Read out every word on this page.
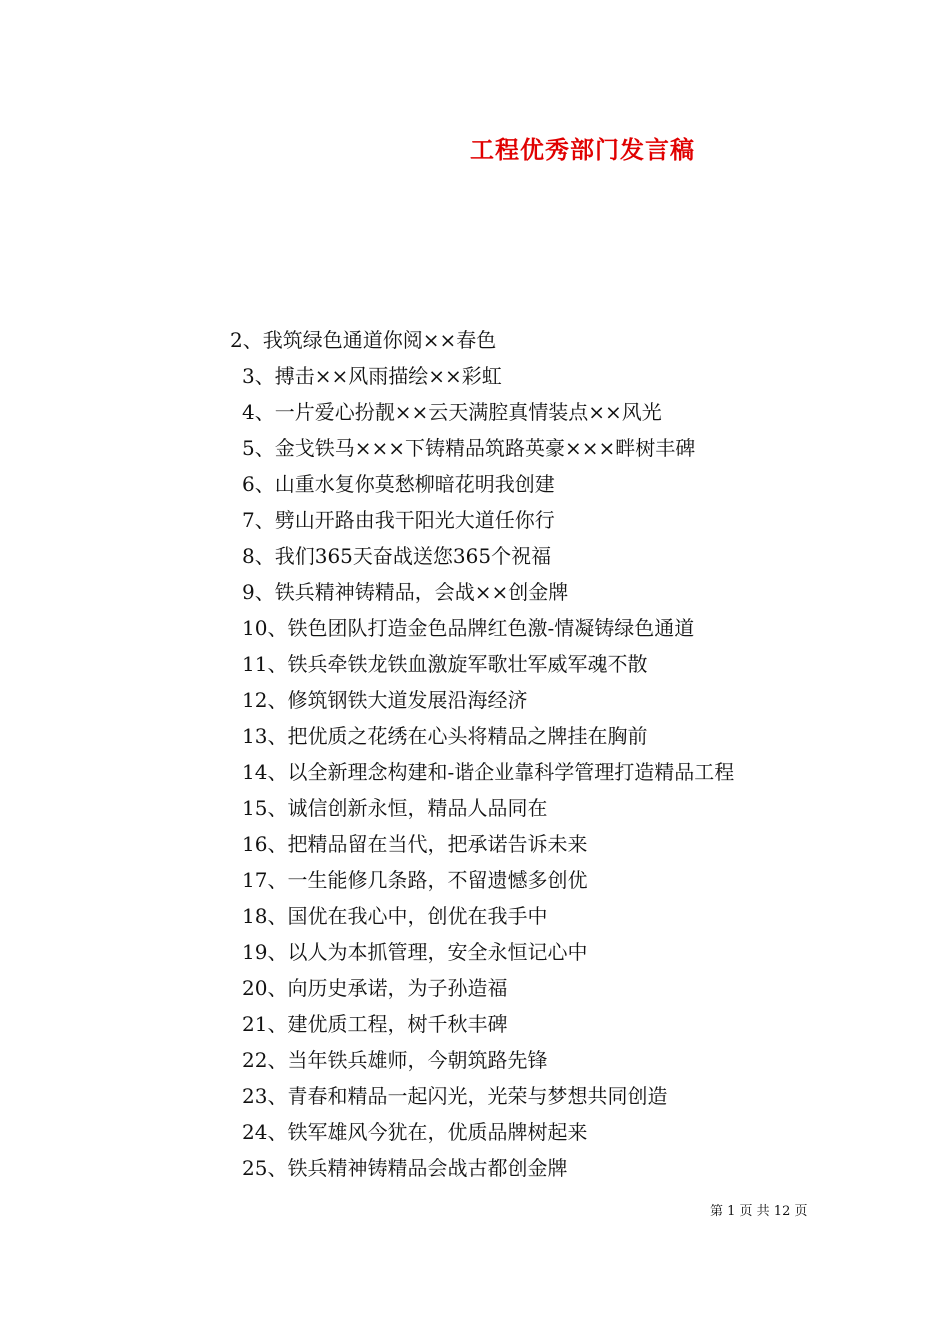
工程优秀部门发言稿
2、我筑绿色通道你阅××春色
3、搏击××风雨描绘××彩虹
4、一片爱心扮靓××云天满腔真情装点××风光
5、金戈铁马×××下铸精品筑路英豪×××畔树丰碑
6、山重水复你莫愁柳暗花明我创建
7、劈山开路由我干阳光大道任你行
8、我们365天奋战送您365个祝福
9、铁兵精神铸精品，会战××创金牌
10、铁色团队打造金色品牌红色激-情凝铸绿色通道
11、铁兵牵铁龙铁血激旋军歌壮军威军魂不散
12、修筑钢铁大道发展沿海经济
13、把优质之花绣在心头将精品之牌挂在胸前
14、以全新理念构建和-谐企业靠科学管理打造精品工程
15、诚信创新永恒，精品人品同在
16、把精品留在当代，把承诺告诉未来
17、一生能修几条路，不留遗憾多创优
18、国优在我心中，创优在我手中
19、以人为本抓管理，安全永恒记心中
20、向历史承诺，为子孙造福
21、建优质工程，树千秋丰碑
22、当年铁兵雄师，今朝筑路先锋
23、青春和精品一起闪光，光荣与梦想共同创造
24、铁军雄风今犹在，优质品牌树起来
25、铁兵精神铸精品会战古都创金牌
第 1 页 共 12 页
